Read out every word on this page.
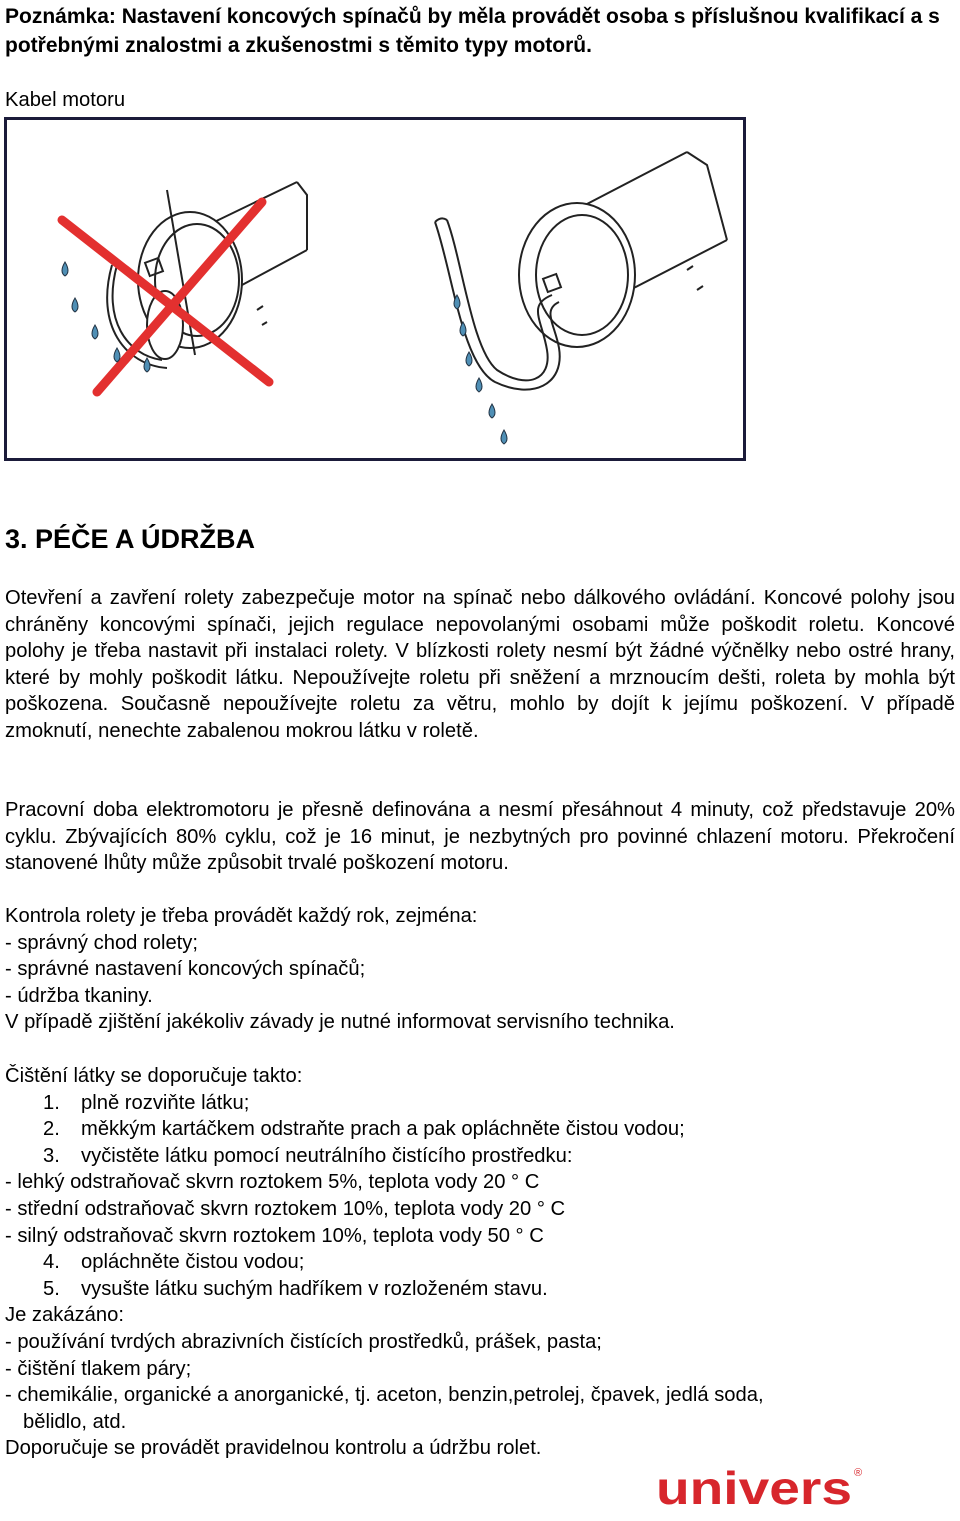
Poznámka: Nastavení koncových spínačů by měla provádět osoba s příslušnou kvalifikací a s potřebnými znalostmi a zkušenostmi s těmito typy motorů.
Kabel motoru
3. PÉČE A ÚDRŽBA
Otevření a zavření rolety zabezpečuje motor na spínač nebo dálkového ovládání. Koncové polohy jsou chráněny koncovými spínači, jejich regulace nepovolanými osobami může poškodit roletu. Koncové polohy je třeba nastavit při instalaci rolety. V blízkosti rolety nesmí být žádné výčnělky nebo ostré hrany, které by mohly poškodit látku. Nepoužívejte roletu při sněžení a mrznoucím dešti, roleta by mohla být poškozena. Současně nepoužívejte roletu za větru, mohlo by dojít k jejímu poškození. V případě zmoknutí, nenechte zabalenou mokrou látku v roletě.
Pracovní doba elektromotoru je přesně definována a nesmí přesáhnout 4 minuty, což představuje 20% cyklu. Zbývajících 80% cyklu, což je 16 minut, je nezbytných pro povinné chlazení motoru. Překročení stanovené lhůty může způsobit trvalé poškození motoru.
Kontrola rolety je třeba provádět každý rok, zejména:
- správný chod rolety;
- správné nastavení koncových spínačů;
- údržba tkaniny.
V případě zjištění jakékoliv závady je nutné informovat servisního technika.
Čištění látky se doporučuje takto:
1. plně rozviňte látku;
2. měkkým kartáčkem odstraňte prach a pak opláchněte čistou vodou;
3. vyčistěte látku pomocí neutrálního čistícího prostředku:
- lehký odstraňovač skvrn roztokem 5%, teplota vody 20 ° C
- střední odstraňovač skvrn roztokem 10%, teplota vody 20 ° C
- silný odstraňovač skvrn roztokem 10%, teplota vody 50 ° C
4. opláchněte čistou vodou;
5. vysušte látku suchým hadříkem v rozloženém stavu.
Je zakázáno:
- používání tvrdých abrazivních čistících prostředků, prášek, pasta;
- čištění tlakem páry;
- chemikálie, organické a anorganické, tj. aceton, benzin,petrolej, čpavek, jedlá soda,
bělidlo, atd.
Doporučuje se provádět pravidelnou kontrolu a údržbu rolet.
univers ®
